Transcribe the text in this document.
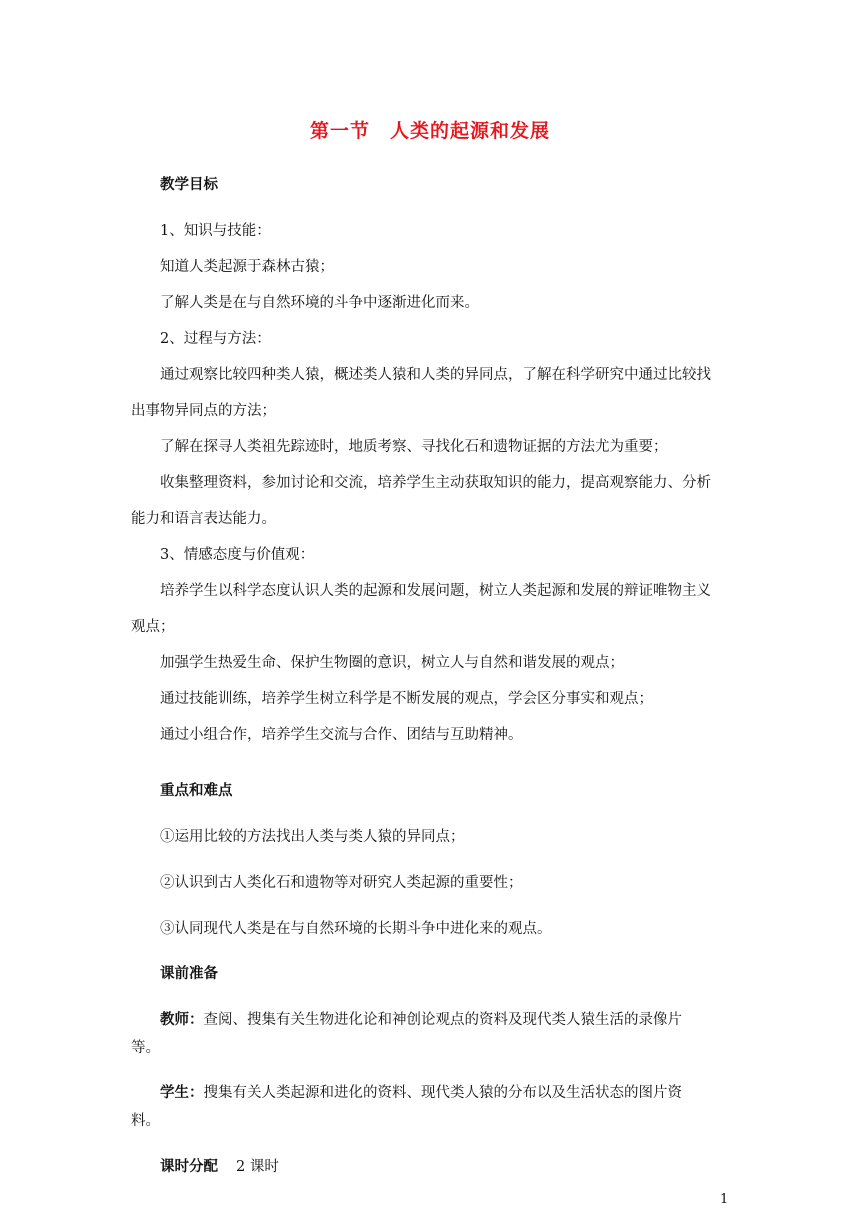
第一节　人类的起源和发展
教学目标
1、知识与技能：
知道人类起源于森林古猿；
了解人类是在与自然环境的斗争中逐渐进化而来。
2、过程与方法：
通过观察比较四种类人猿，概述类人猿和人类的异同点，了解在科学研究中通过比较找
出事物异同点的方法；
了解在探寻人类祖先踪迹时，地质考察、寻找化石和遗物证据的方法尤为重要；
收集整理资料，参加讨论和交流，培养学生主动获取知识的能力，提高观察能力、分析
能力和语言表达能力。
3、情感态度与价值观：
培养学生以科学态度认识人类的起源和发展问题，树立人类起源和发展的辩证唯物主义
观点；
加强学生热爱生命、保护生物圈的意识，树立人与自然和谐发展的观点；
通过技能训练，培养学生树立科学是不断发展的观点，学会区分事实和观点；
通过小组合作，培养学生交流与合作、团结与互助精神。
重点和难点
①运用比较的方法找出人类与类人猿的异同点；
②认识到古人类化石和遗物等对研究人类起源的重要性；
③认同现代人类是在与自然环境的长期斗争中进化来的观点。
课前准备
教师：查阅、搜集有关生物进化论和神创论观点的资料及现代类人猿生活的录像片
等。
学生：搜集有关人类起源和进化的资料、现代类人猿的分布以及生活状态的图片资
料。
课时分配 2 课时
1
